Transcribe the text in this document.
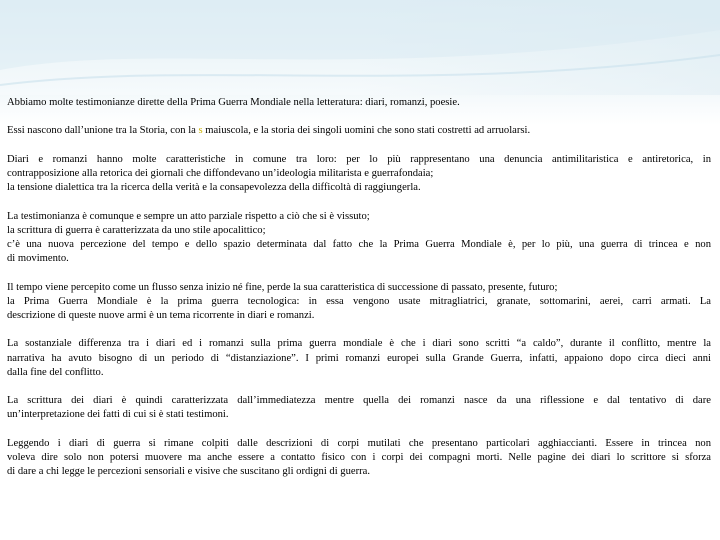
Abbiamo molte testimonianze dirette della Prima Guerra Mondiale nella letteratura: diari, romanzi, poesie.

Essi nascono dall’unione tra la Storia, con la s maiuscola, e la storia dei singoli uomini che sono stati costretti ad arruolarsi.

Diari e romanzi hanno molte caratteristiche in comune tra loro: per lo più rappresentano una denuncia antimilitaristica e antiretorica, in
contrapposizione alla retorica dei giornali che diffondevano un’ideologia militarista e guerrafondaia;
la tensione dialettica tra la ricerca della verità e la consapevolezza della difficoltà di raggiungerla.

La testimonianza è comunque e sempre un atto parziale rispetto a ciò che si è vissuto;
la scrittura di guerra è caratterizzata da uno stile apocalittico;
c’è una nuova percezione del tempo e dello spazio determinata dal fatto che la Prima Guerra Mondiale è, per lo più, una guerra di trincea e non
di movimento.

Il tempo viene percepito come un flusso senza inizio né fine, perde la sua caratteristica di successione di passato, presente, futuro;
la Prima Guerra Mondiale è la prima guerra tecnologica: in essa vengono usate mitragliatrici, granate, sottomarini, aerei, carri armati. La
descrizione di queste nuove armi è un tema ricorrente in diari e romanzi.

La sostanziale differenza tra i diari ed i romanzi sulla prima guerra mondiale è che i diari sono scritti “a caldo”, durante il conflitto, mentre la
narrativa ha avuto bisogno di un periodo di “distanziazione”. I primi romanzi europei sulla Grande Guerra, infatti, appaiono dopo circa dieci anni
dalla fine del conflitto.

La scrittura dei diari è quindi caratterizzata dall’immediatezza mentre quella dei romanzi nasce da una riflessione e dal tentativo di dare
un’interpretazione dei fatti di cui si è stati testimoni.

Leggendo i diari di guerra si rimane colpiti dalle descrizioni di corpi mutilati che presentano particolari agghiaccianti. Essere in trincea non
voleva dire solo non potersi muovere ma anche essere a contatto fisico con i corpi dei compagni morti. Nelle pagine dei diari lo scrittore si sforza
di dare a chi legge le percezioni sensoriali e visive che suscitano gli ordigni di guerra.
